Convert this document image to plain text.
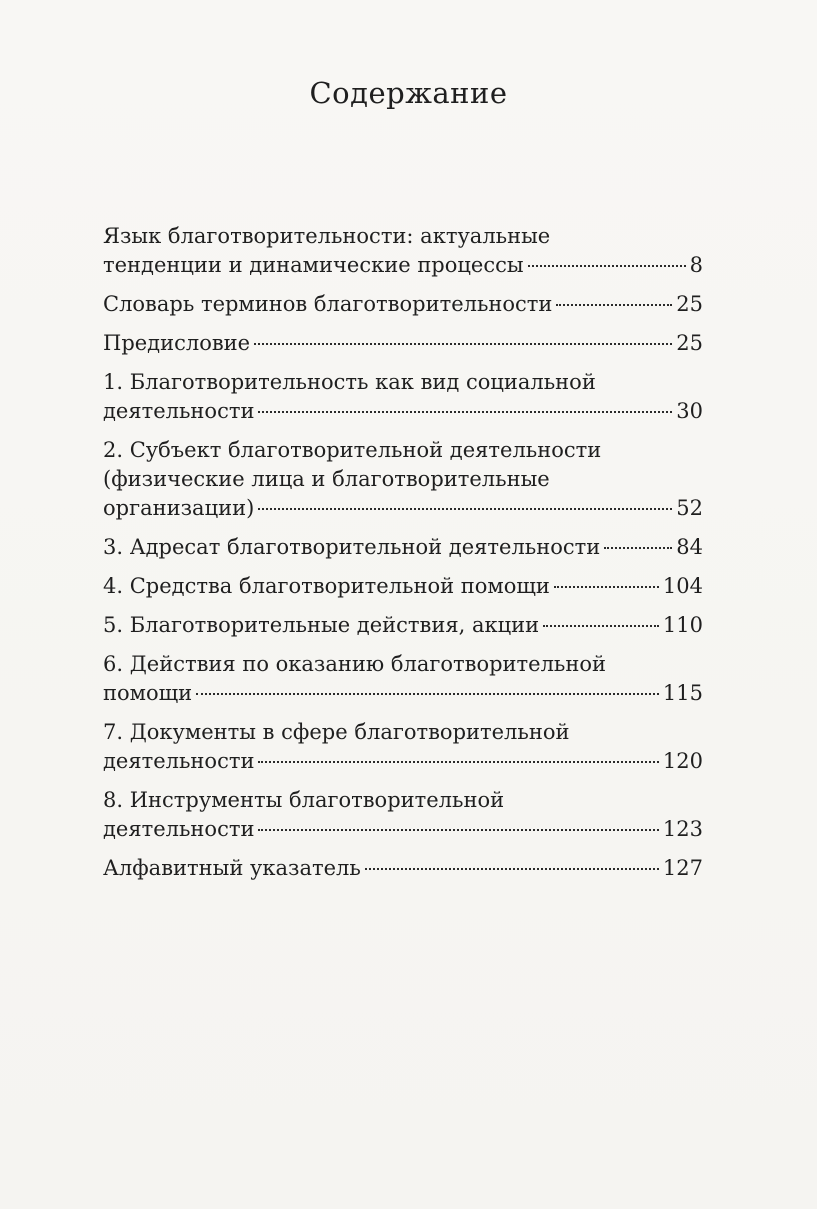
Содержание
Язык благотворительности: актуальные
тенденции и динамические процессы	8
Словарь терминов благотворительности	25
Предисловие	25
1. Благотворительность как вид социальной
деятельности	30
2. Субъект благотворительной деятельности
(физические лица и благотворительные
организации)	52
3. Адресат благотворительной деятельности	84
4. Средства благотворительной помощи	104
5. Благотворительные действия, акции	110
6. Действия по оказанию благотворительной
помощи	115
7. Документы в сфере благотворительной
деятельности	120
8. Инструменты благотворительной
деятельности	123
Алфавитный указатель	127
